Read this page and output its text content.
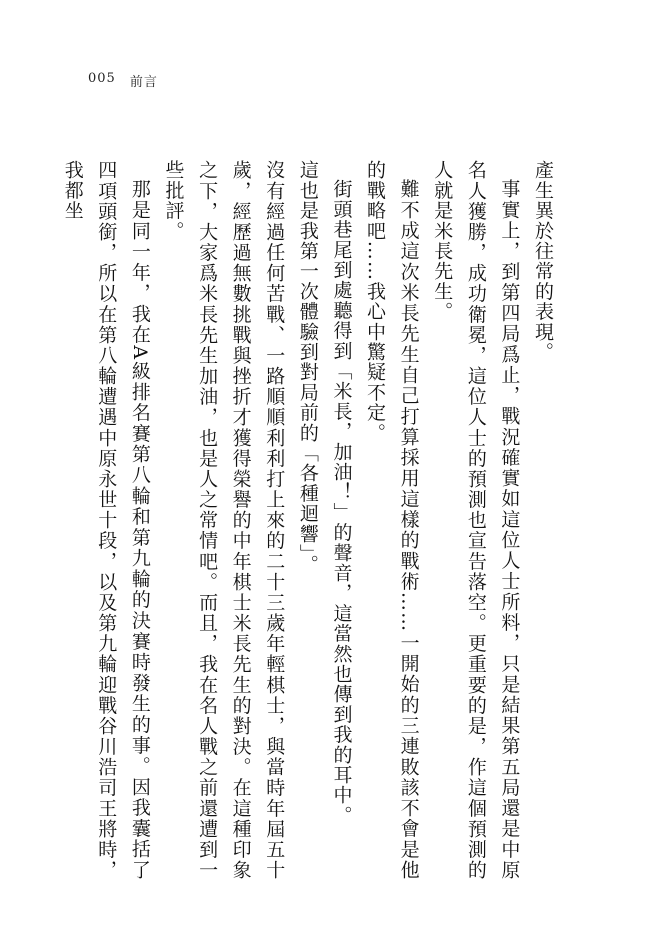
005 前言

產生異於往常的表現。

事實上，到第四局爲止，戰況確實如這位人士所料，只是結果第五局還是中原名人獲勝，成功衛冕，這位人士的預測也宣告落空。更重要的是，作這個預測的人就是米長先生。

難不成這次米長先生自己打算採用這樣的戰術……一開始的三連敗該不會是他的戰略吧……我心中驚疑不定。

街頭巷尾到處聽得到「米長，加油！」的聲音，這當然也傳到我的耳中。

這也是我第一次體驗到對局前的「各種迴響」。

沒有經過任何苦戰、一路順順利利打上來的二十三歲年輕棋士，與當時年屆五十歲，經歷過無數挑戰與挫折才獲得榮譽的中年棋士米長先生的對決。在這種印象之下，大家爲米長先生加油，也是人之常情吧。而且，我在名人戰之前還遭到一些批評。

那是同一年，我在A級排名賽第八輪和第九輪的決賽時發生的事。因我囊括了四項頭銜，所以在第八輪遭遇中原永世十段，以及第九輪迎戰谷川浩司王將時，我都坐
